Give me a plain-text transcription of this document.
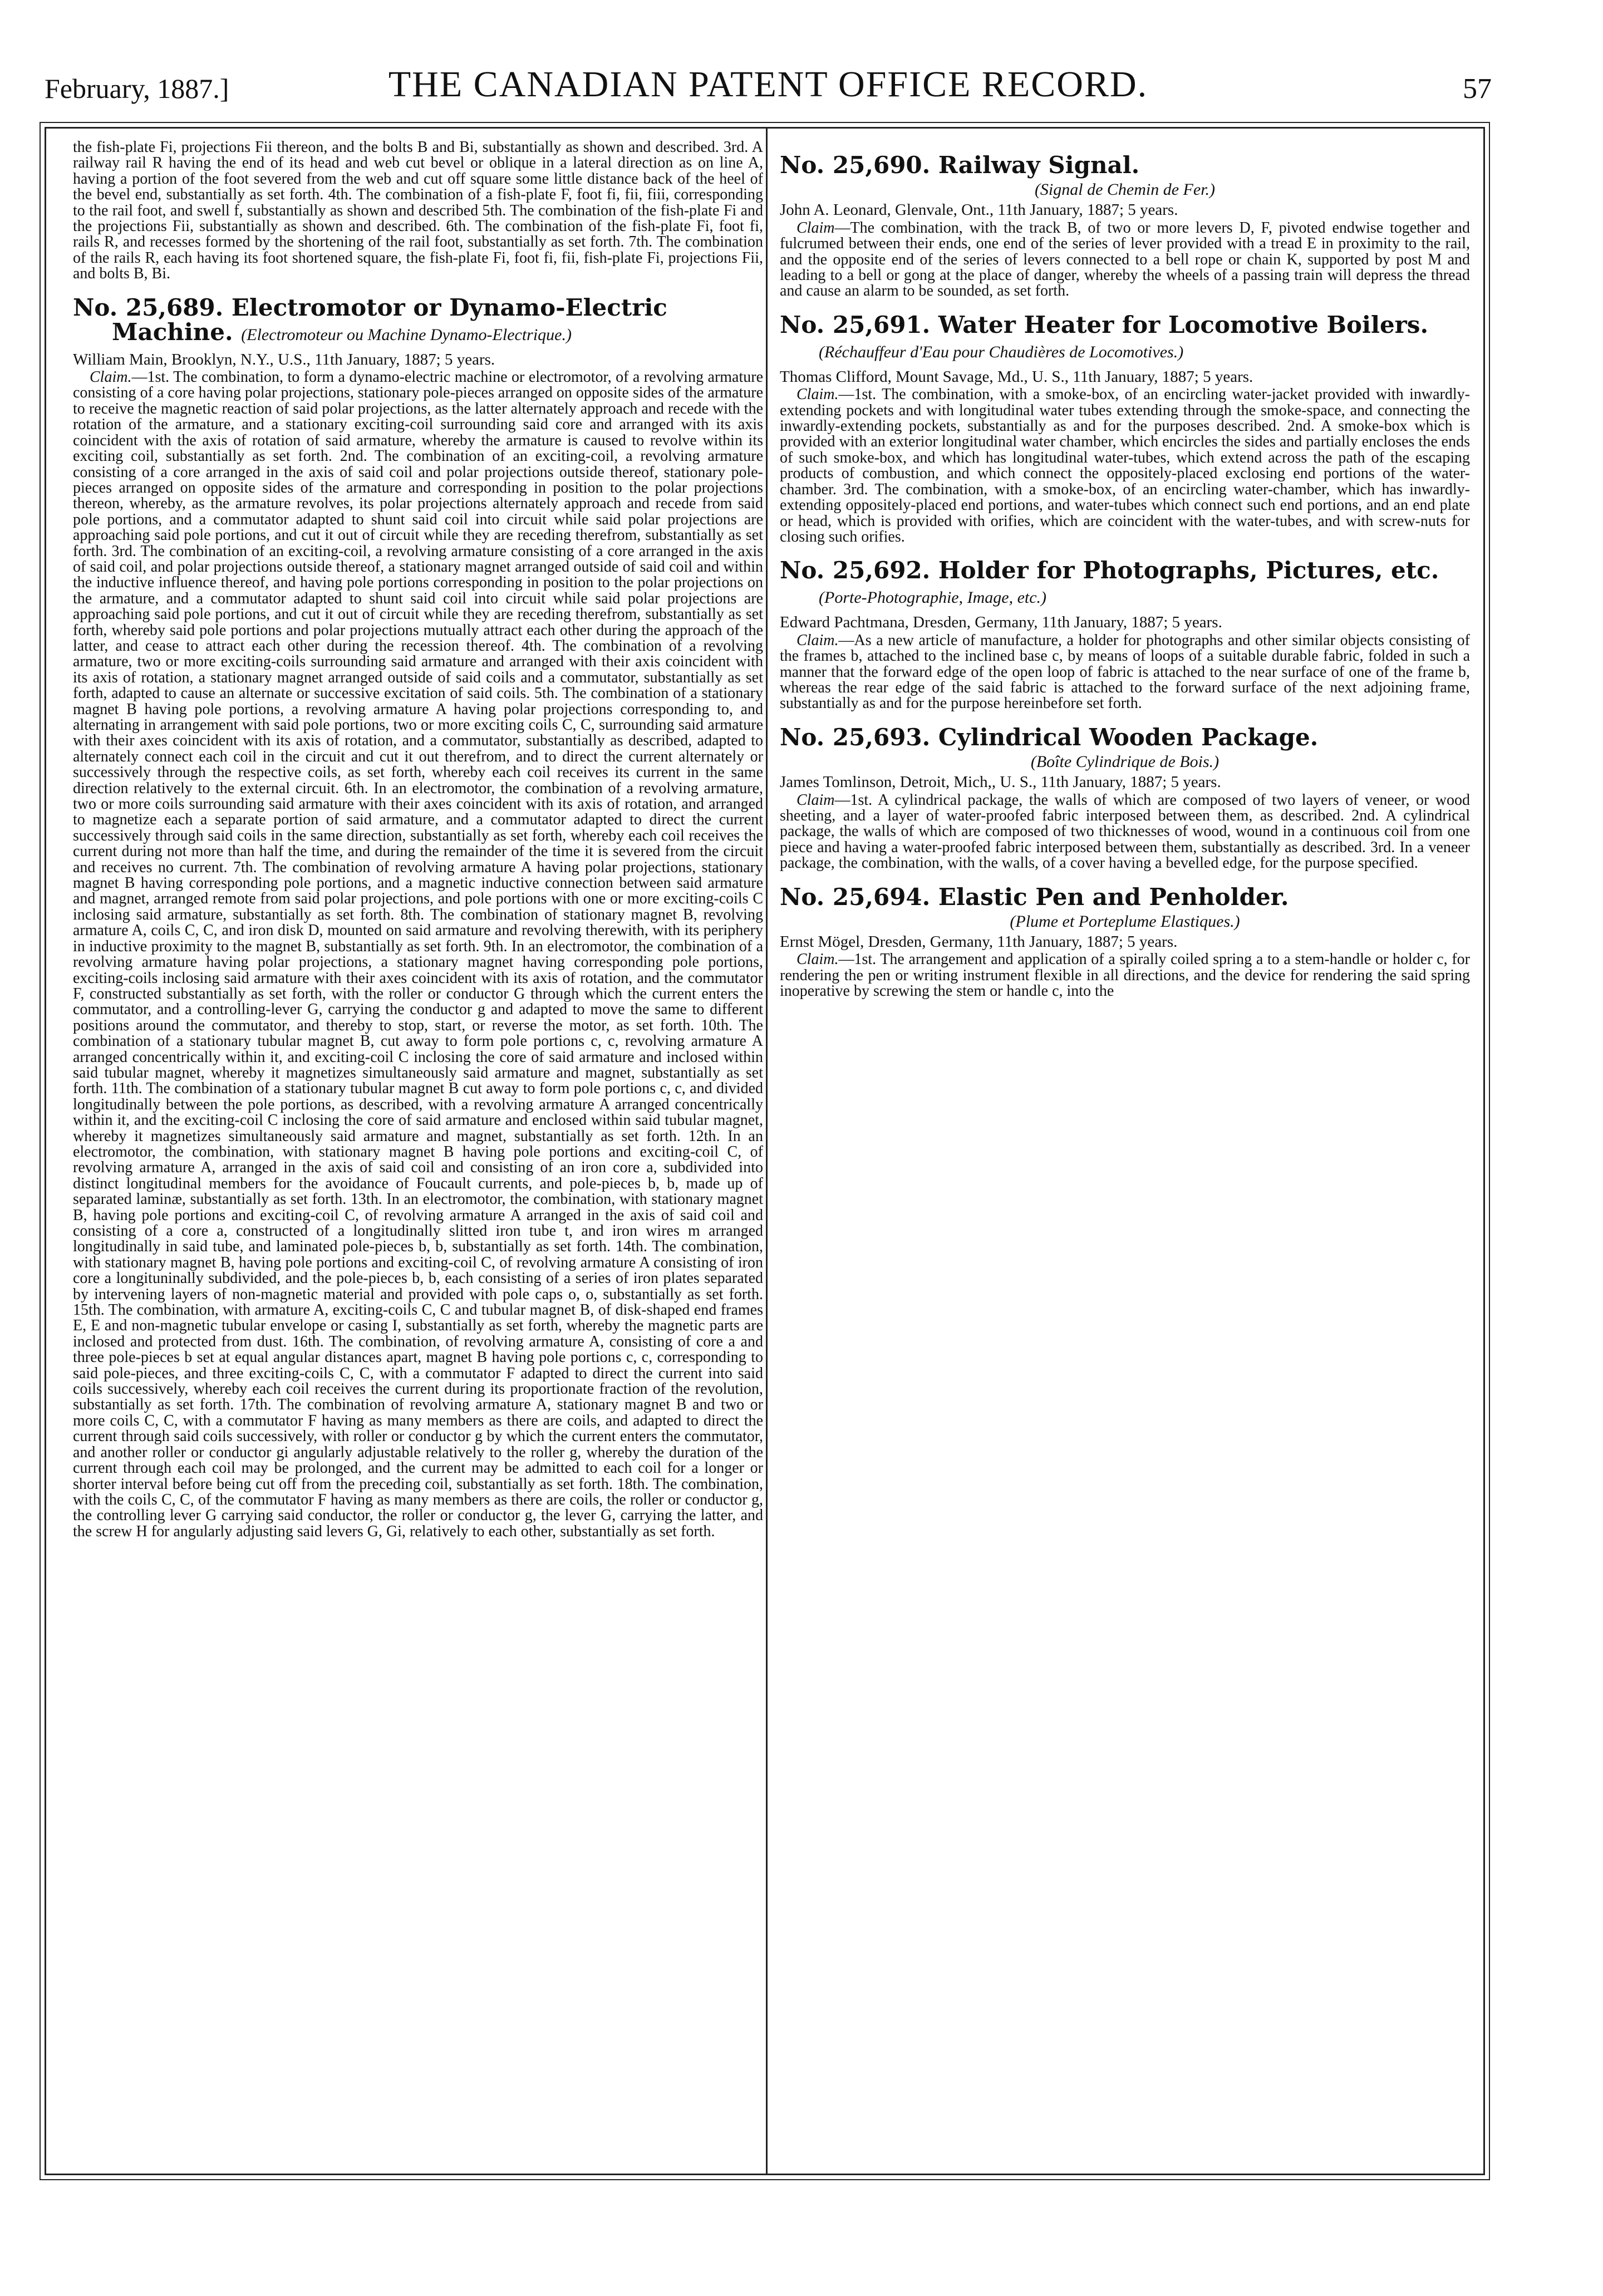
February, 1887.]	THE CANADIAN PATENT OFFICE RECORD.	57

the fish-plate Fi, projections Fii thereon, and the bolts B and Bi, substantially as shown and described. 3rd. A railway rail R having the end of its head and web cut bevel or oblique in a lateral direction as on line A, having a portion of the foot severed from the web and cut off square some little distance back of the heel of the bevel end, substantially as set forth. 4th. The combination of a fish-plate F, foot fi, fii, fiii, corresponding to the rail foot, and swell f, substantially as shown and described 5th. The combination of the fish-plate Fi and the projections Fii, substantially as shown and described. 6th. The combination of the fish-plate Fi, foot fi, rails R, and recesses formed by the shortening of the rail foot, substantially as set forth. 7th. The combination of the rails R, each having its foot shortened square, the fish-plate Fi, foot fi, fii, fish-plate Fi, projections Fii, and bolts B, Bi.

No. 25,689. Electromotor or Dynamo-Electric Machine. (Electromoteur ou Machine Dynamo-Electrique.)

William Main, Brooklyn, N.Y., U.S., 11th January, 1887; 5 years.

Claim.—1st. The combination, to form a dynamo-electric machine or electromotor, of a revolving armature consisting of a core having polar projections, stationary pole-pieces arranged on opposite sides of the armature to receive the magnetic reaction of said polar projections, as the latter alternately approach and recede with the rotation of the armature, and a stationary exciting-coil surrounding said core and arranged with its axis coincident with the axis of rotation of said armature, whereby the armature is caused to revolve within its exciting coil, substantially as set forth. 2nd. The combination of an exciting-coil, a revolving armature consisting of a core arranged in the axis of said coil and polar projections outside thereof, stationary pole-pieces arranged on opposite sides of the armature and corresponding in position to the polar projections thereon, whereby, as the armature revolves, its polar projections alternately approach and recede from said pole portions, and a commutator adapted to shunt said coil into circuit while said polar projections are approaching said pole portions, and cut it out of circuit while they are receding therefrom, substantially as set forth. 3rd. The combination of an exciting-coil, a revolving armature consisting of a core arranged in the axis of said coil, and polar projections outside thereof, a stationary magnet arranged outside of said coil and within the inductive influence thereof, and having pole portions corresponding in position to the polar projections on the armature, and a commutator adapted to shunt said coil into circuit while said polar projections are approaching said pole portions, and cut it out of circuit while they are receding therefrom, substantially as set forth, whereby said pole portions and polar projections mutually attract each other during the approach of the latter, and cease to attract each other during the recession thereof. 4th. The combination of a revolving armature, two or more exciting-coils surrounding said armature and arranged with their axis coincident with its axis of rotation, a stationary magnet arranged outside of said coils and a commutator, substantially as set forth, adapted to cause an alternate or successive excitation of said coils. 5th. The combination of a stationary magnet B having pole portions, a revolving armature A having polar projections corresponding to, and alternating in arrangement with said pole portions, two or more exciting coils C, C, surrounding said armature with their axes coincident with its axis of rotation, and a commutator, substantially as described, adapted to alternately connect each coil in the circuit and cut it out therefrom, and to direct the current alternately or successively through the respective coils, as set forth, whereby each coil receives its current in the same direction relatively to the external circuit. 6th. In an electromotor, the combination of a revolving armature, two or more coils surrounding said armature with their axes coincident with its axis of rotation, and arranged to magnetize each a separate portion of said armature, and a commutator adapted to direct the current successively through said coils in the same direction, substantially as set forth, whereby each coil receives the current during not more than half the time, and during the remainder of the time it is severed from the circuit and receives no current. 7th. The combination of revolving armature A having polar projections, stationary magnet B having corresponding pole portions, and a magnetic inductive connection between said armature and magnet, arranged remote from said polar projections, and pole portions with one or more exciting-coils C inclosing said armature, substantially as set forth. 8th. The combination of stationary magnet B, revolving armature A, coils C, C, and iron disk D, mounted on said armature and revolving therewith, with its periphery in inductive proximity to the magnet B, substantially as set forth. 9th. In an electromotor, the combination of a revolving armature having polar projections, a stationary magnet having corresponding pole portions, exciting-coils inclosing said armature with their axes coincident with its axis of rotation, and the commutator F, constructed substantially as set forth, with the roller or conductor G through which the current enters the commutator, and a controlling-lever G, carrying the conductor g and adapted to move the same to different positions around the commutator, and thereby to stop, start, or reverse the motor, as set forth. 10th. The combination of a stationary tubular magnet B, cut away to form pole portions c, c, revolving armature A arranged concentrically within it, and exciting-coil C inclosing the core of said armature and inclosed within said tubular magnet, whereby it magnetizes simultaneously said armature and magnet, substantially as set forth. 11th. The combination of a stationary tubular magnet B cut away to form pole portions c, c, and divided longitudinally between the pole portions, as described, with a revolving armature A arranged concentrically within it, and the exciting-coil C inclosing the core of said armature and enclosed within said tubular magnet, whereby it magnetizes simultaneously said armature and magnet, substantially as set forth. 12th. In an electromotor, the combination, with stationary magnet B having pole portions and exciting-coil C, of revolving armature A, arranged in the axis of said coil and consisting of an iron core a, subdivided into distinct longitudinal members for the avoidance of Foucault currents, and pole-pieces b, b, made up of separated laminæ, substantially as set forth. 13th. In an electromotor, the combination, with stationary magnet B, having pole portions and exciting-coil C, of revolving armature A arranged in the axis of said coil and consisting of a core a, constructed of a longitudinally slitted iron tube t, and iron wires m arranged longitudinally in said tube, and laminated pole-pieces b, b, substantially as set forth. 14th. The combination, with stationary magnet B, having pole portions and exciting-coil C, of revolving armature A consisting of iron core a longituninally subdivided, and the pole-pieces b, b, each consisting of a series of iron plates separated by intervening layers of non-magnetic material and provided with pole caps o, o, substantially as set forth. 15th. The combination, with armature A, exciting-coils C, C and tubular magnet B, of disk-shaped end frames E, E and non-magnetic tubular envelope or casing I, substantially as set forth, whereby the magnetic parts are inclosed and protected from dust. 16th. The combination, of revolving armature A, consisting of core a and three pole-pieces b set at equal angular distances apart, magnet B having pole portions c, c, corresponding to said pole-pieces, and three exciting-coils C, C, with a commutator F adapted to direct the current into said coils successively, whereby each coil receives the current during its proportionate fraction of the revolution, substantially as set forth. 17th. The combination of revolving armature A, stationary magnet B and two or more coils C, C, with a commutator F having as many members as there are coils, and adapted to direct the current through said coils successively, with roller or conductor g by which the current enters the commutator, and another roller or conductor gi angularly adjustable relatively to the roller g, whereby the duration of the current through each coil may be prolonged, and the current may be admitted to each coil for a longer or shorter interval before being cut off from the preceding coil, substantially as set forth. 18th. The combination, with the coils C, C, of the commutator F having as many members as there are coils, the roller or conductor g, the controlling lever G carrying said conductor, the roller or conductor g, the lever G, carrying the latter, and the screw H for angularly adjusting said levers G, Gi, relatively to each other, substantially as set forth.

No. 25,690. Railway Signal.

(Signal de Chemin de Fer.)

John A. Leonard, Glenvale, Ont., 11th January, 1887; 5 years.

Claim—The combination, with the track B, of two or more levers D, F, pivoted endwise together and fulcrumed between their ends, one end of the series of lever provided with a tread E in proximity to the rail, and the opposite end of the series of levers connected to a bell rope or chain K, supported by post M and leading to a bell or gong at the place of danger, whereby the wheels of a passing train will depress the thread and cause an alarm to be sounded, as set forth.

No. 25,691. Water Heater for Locomotive Boilers. (Réchauffeur d'Eau pour Chaudières de Locomotives.)

Thomas Clifford, Mount Savage, Md., U. S., 11th January, 1887; 5 years.

Claim.—1st. The combination, with a smoke-box, of an encircling water-jacket provided with inwardly-extending pockets and with longitudinal water tubes extending through the smoke-space, and connecting the inwardly-extending pockets, substantially as and for the purposes described. 2nd. A smoke-box which is provided with an exterior longitudinal water chamber, which encircles the sides and partially encloses the ends of such smoke-box, and which has longitudinal water-tubes, which extend across the path of the escaping products of combustion, and which connect the oppositely-placed exclosing end portions of the water-chamber. 3rd. The combination, with a smoke-box, of an encircling water-chamber, which has inwardly-extending oppositely-placed end portions, and water-tubes which connect such end portions, and an end plate or head, which is provided with orifies, which are coincident with the water-tubes, and with screw-nuts for closing such orifies.

No. 25,692. Holder for Photographs, Pictures, etc. (Porte-Photographie, Image, etc.)

Edward Pachtmana, Dresden, Germany, 11th January, 1887; 5 years.

Claim.—As a new article of manufacture, a holder for photographs and other similar objects consisting of the frames b, attached to the inclined base c, by means of loops of a suitable durable fabric, folded in such a manner that the forward edge of the open loop of fabric is attached to the near surface of one of the frame b, whereas the rear edge of the said fabric is attached to the forward surface of the next adjoining frame, substantially as and for the purpose hereinbefore set forth.

No. 25,693. Cylindrical Wooden Package.

(Boîte Cylindrique de Bois.)

James Tomlinson, Detroit, Mich,, U. S., 11th January, 1887; 5 years.

Claim—1st. A cylindrical package, the walls of which are composed of two layers of veneer, or wood sheeting, and a layer of water-proofed fabric interposed between them, as described. 2nd. A cylindrical package, the walls of which are composed of two thicknesses of wood, wound in a continuous coil from one piece and having a water-proofed fabric interposed between them, substantially as described. 3rd. In a veneer package, the combination, with the walls, of a cover having a bevelled edge, for the purpose specified.

No. 25,694. Elastic Pen and Penholder.

(Plume et Porteplume Elastiques.)

Ernst Mögel, Dresden, Germany, 11th January, 1887; 5 years.

Claim.—1st. The arrangement and application of a spirally coiled spring a to a stem-handle or holder c, for rendering the pen or writing instrument flexible in all directions, and the device for rendering the said spring inoperative by screwing the stem or handle c, into the
